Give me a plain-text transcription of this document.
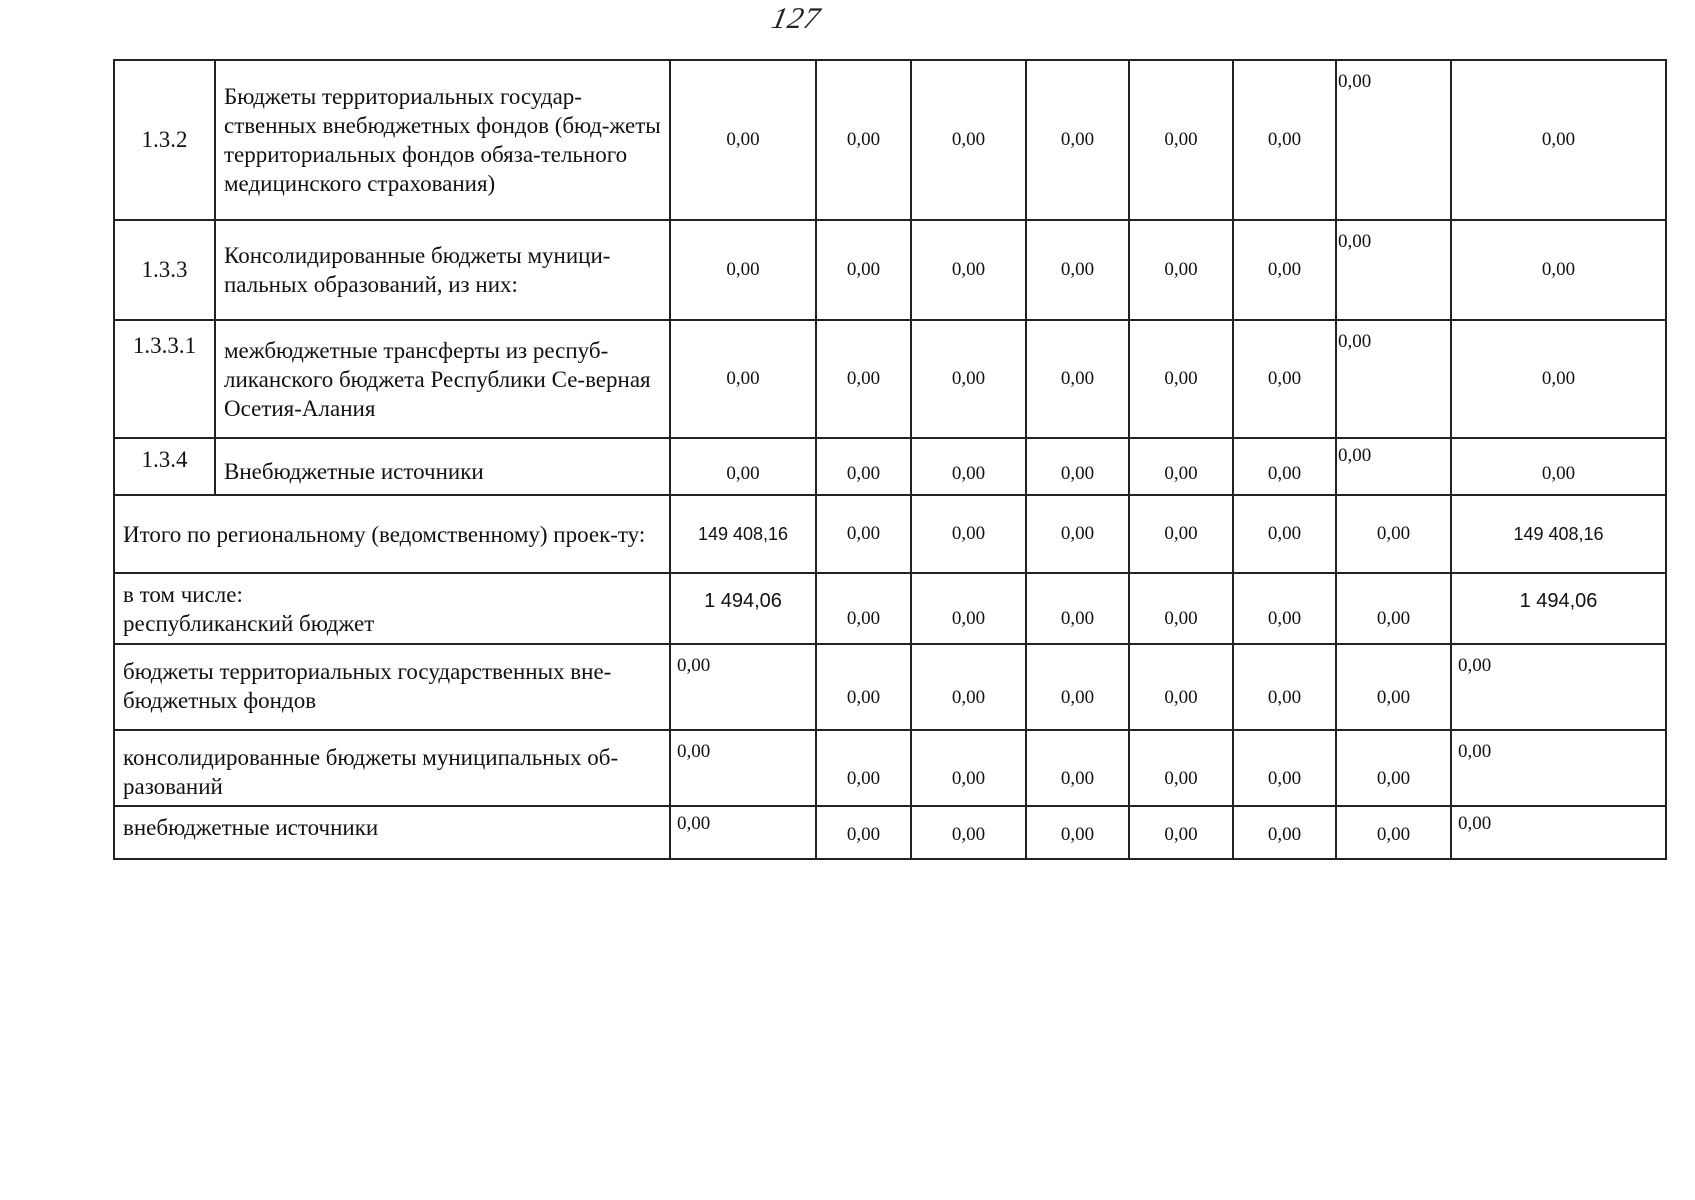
127
1.3.2	Бюджеты территориальных государ-ственных внебюджетных фондов (бюд-жеты территориальных фондов обяза-тельного медицинского страхования)	0,00	0,00	0,00	0,00	0,00	0,00	0,00	0,00
1.3.3	Консолидированные бюджеты муници-пальных образований, из них:	0,00	0,00	0,00	0,00	0,00	0,00	0,00	0,00
1.3.3.1	межбюджетные трансферты из респуб-ликанского бюджета Республики Се-верная Осетия-Алания	0,00	0,00	0,00	0,00	0,00	0,00	0,00	0,00
1.3.4	Внебюджетные источники	0,00	0,00	0,00	0,00	0,00	0,00	0,00	0,00
Итого по региональному (ведомственному) проек-ту:		149 408,16	0,00	0,00	0,00	0,00	0,00	0,00	149 408,16

в том числе:
республиканский бюджет		1 494,06	0,00	0,00	0,00	0,00	0,00	0,00	1 494,06
бюджеты территориальных государственных вне-бюджетных фондов		0,00	0,00	0,00	0,00	0,00	0,00	0,00	0,00
консолидированные бюджеты муниципальных об-разований		0,00	0,00	0,00	0,00	0,00	0,00	0,00	0,00
внебюджетные источники		0,00	0,00	0,00	0,00	0,00	0,00	0,00	0,00
